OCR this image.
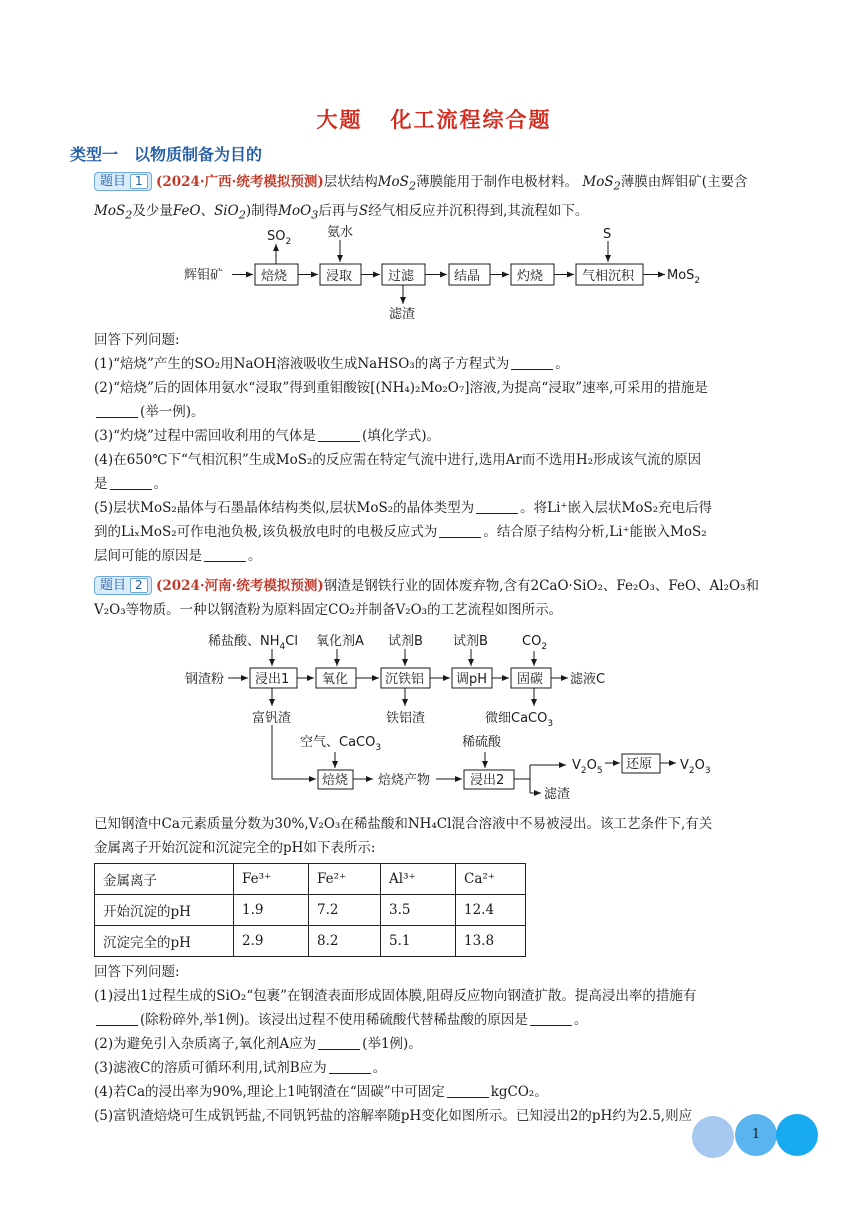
大题 化工流程综合题
类型一 以物质制备为目的
题目 1 (2024·广西·统考模拟预测)层状结构MoS$_2$薄膜能用于制作电极材料。 MoS$_2$薄膜由辉钼矿(主要含
MoS$_2$及少量FeO、SiO$_2$)制得MoO$_3$后再与S经气相反应并沉积得到,其流程如下。
辉钼矿	焙烧	浸取	过滤	结晶	灼烧	气相沉积	MoS$_2$
$SO_2$
氨水
滤渣
S
钢渣粉 浸出1	氧化	沉铁铝 调pH 固碳 滤液C
稀盐酸、$NH_4Cl$ 氧化剂A 试剂B 试剂B	$CO_2$
富钒渣	铁铝渣	微细CaCO$_3$
空气、CaCO$_3$	稀硫酸
焙烧 焙烧产物	浸出2
$V_2O_5$ 还原 $V_2O_3$
滤渣
回答下列问题:
(1)“焙烧”产生的SO₂用NaOH溶液吸收生成NaHSO₃的离子方程式为	。
(2)“焙烧”后的固体用氨水“浸取”得到重钼酸铵[(NH₄)₂Mo₂O₇]溶液,为提高“浸取”速率,可采用的措施是
(举一例)。
(3)“灼烧”过程中需回收利用的气体是	(填化学式)。
(4)在650℃下“气相沉积”生成MoS₂的反应需在特定气流中进行,选用Ar而不选用H₂形成该气流的原因
是	。
(5)层状MoS₂晶体与石墨晶体结构类似,层状MoS₂的晶体类型为	。将Li⁺嵌入层状MoS₂充电后得
到的LiₓMoS₂可作电池负极,该负极放电时的电极反应式为	。结合原子结构分析,Li⁺能嵌入MoS₂
层间可能的原因是	。
题目 2 (2024·河南·统考模拟预测)钢渣是钢铁行业的固体废弃物,含有2CaO·SiO₂、Fe₂O₃、FeO、Al₂O₃和
V₂O₃等物质。一种以钢渣粉为原料固定CO₂并制备V₂O₃的工艺流程如图所示。
已知钢渣中Ca元素质量分数为30%,V₂O₃在稀盐酸和NH₄Cl混合溶液中不易被浸出。该工艺条件下,有关
金属离子开始沉淀和沉淀完全的pH如下表所示:
金属离子	Fe³⁺	Fe²⁺	Al³⁺	Ca²⁺
开始沉淀的pH	1.9	7.2	3.5	12.4
沉淀完全的pH	2.9	8.2	5.1	13.8
回答下列问题:
(1)浸出1过程生成的SiO₂“包裹”在钢渣表面形成固体膜,阻碍反应物向钢渣扩散。提高浸出率的措施有
(除粉碎外,举1例)。该浸出过程不使用稀硫酸代替稀盐酸的原因是	。
(2)为避免引入杂质离子,氧化剂A应为	(举1例)。
(3)滤液C的溶质可循环利用,试剂B应为	。
(4)若Ca的浸出率为90%,理论上1吨钢渣在“固碳”中可固定	kgCO₂。
(5)富钒渣焙烧可生成钒钙盐,不同钒钙盐的溶解率随pH变化如图所示。已知浸出2的pH约为2.5,则应
1
